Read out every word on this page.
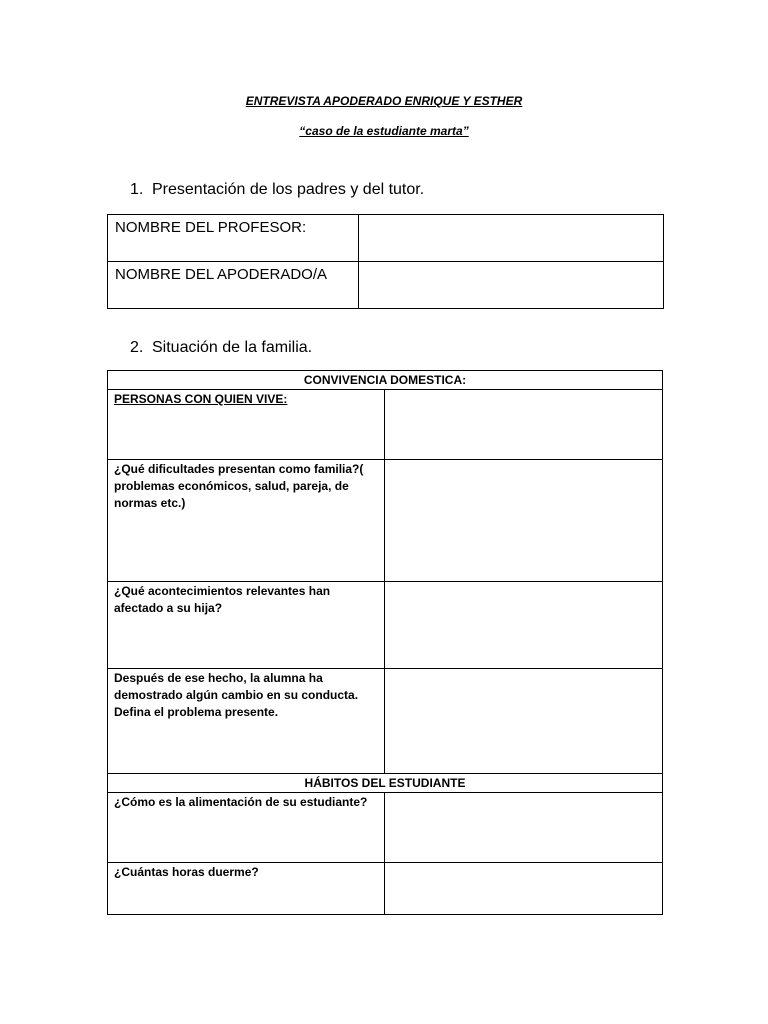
ENTREVISTA APODERADO ENRIQUE Y ESTHER
“caso de la estudiante marta”
1. Presentación de los padres y del tutor.
NOMBRE DEL PROFESOR:	
NOMBRE DEL APODERADO/A	
2. Situación de la familia.
CONVIVENCIA DOMESTICA:	
PERSONAS CON QUIEN VIVE:	
¿Qué dificultades presentan como familia?( problemas económicos, salud, pareja, de normas etc.)	
¿Qué acontecimientos relevantes han afectado a su hija?	
Después de ese hecho, la alumna ha demostrado algún cambio en su conducta. Defina el problema presente.	
HÁBITOS DEL ESTUDIANTE	
¿Cómo es la alimentación de su estudiante?	
¿Cuántas horas duerme?	
